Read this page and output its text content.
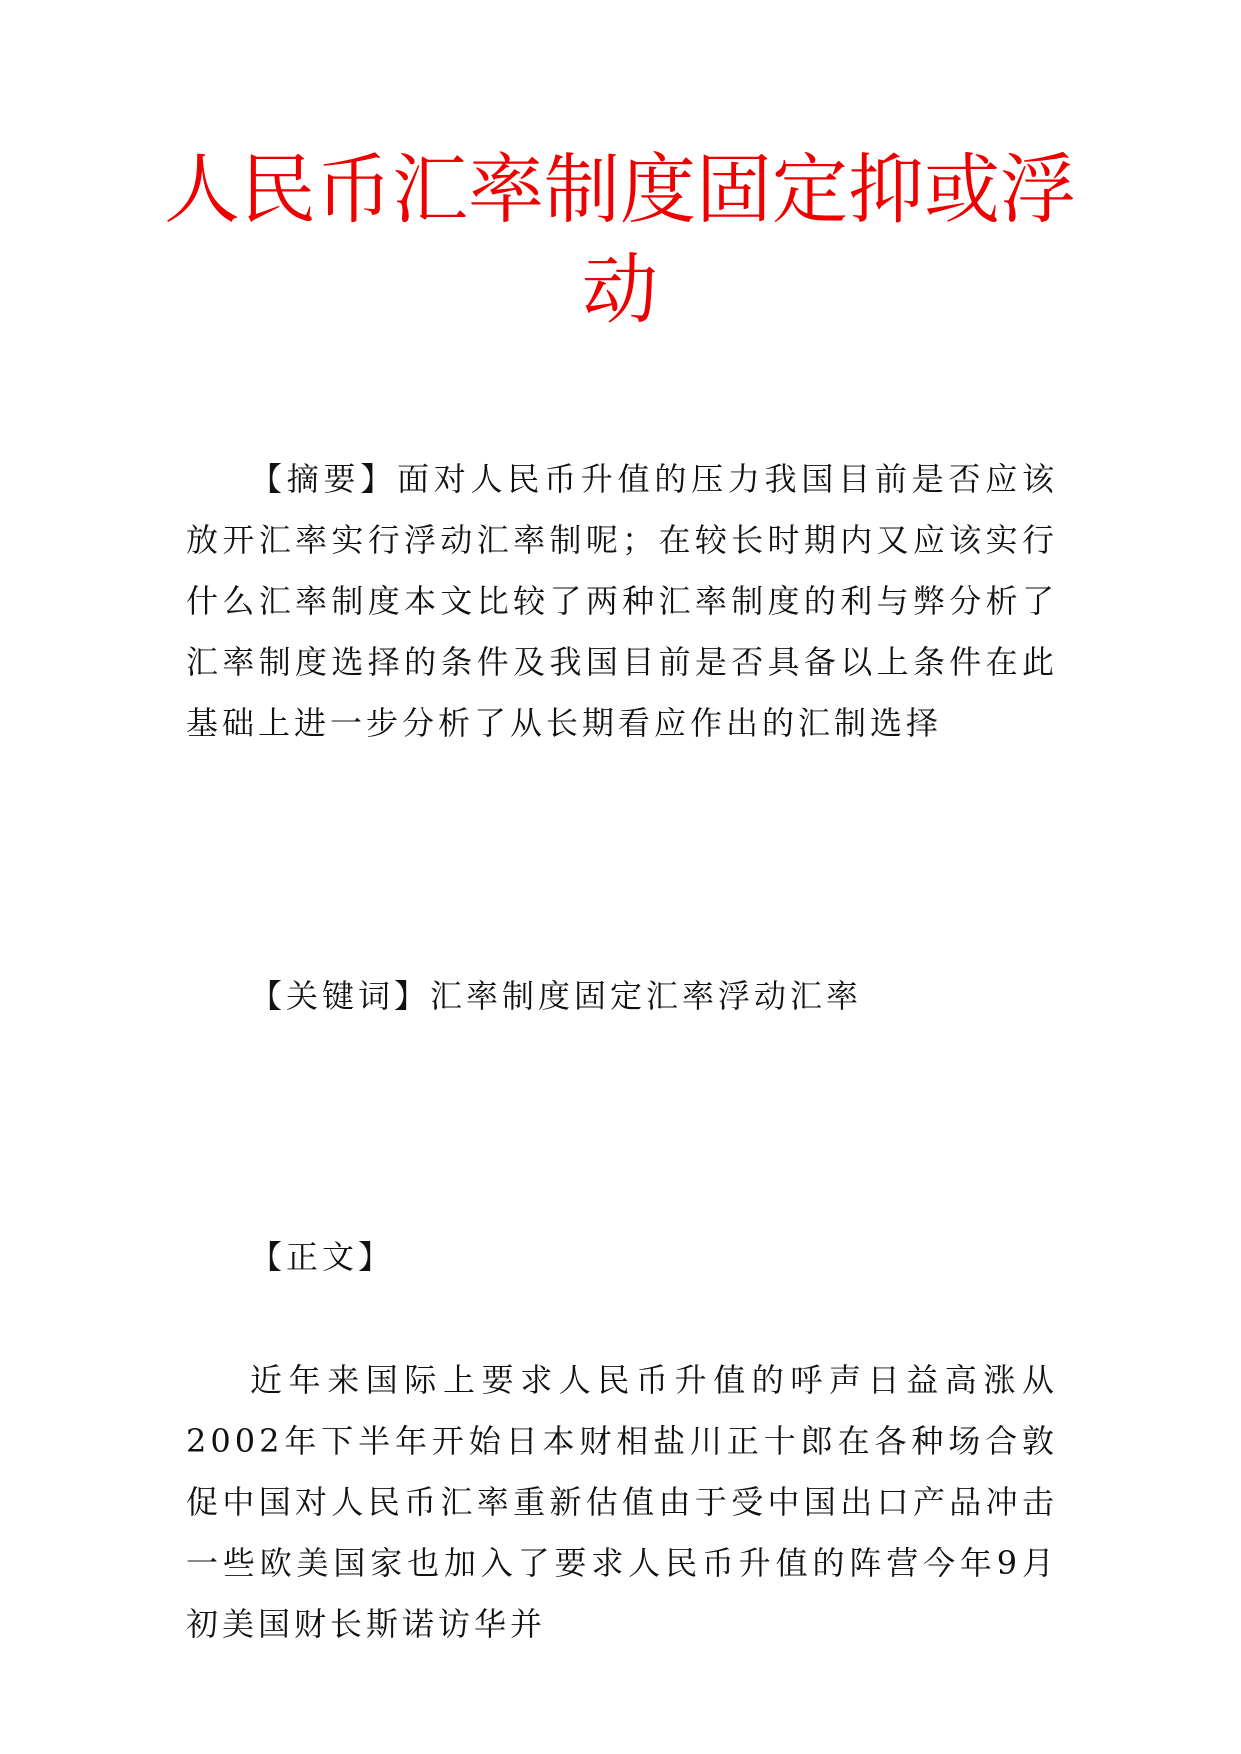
人民币汇率制度固定抑或浮动

【摘要】面对人民币升值的压力我国目前是否应该放开汇率实行浮动汇率制呢；在较长时期内又应该实行什么汇率制度本文比较了两种汇率制度的利与弊分析了汇率制度选择的条件及我国目前是否具备以上条件在此基础上进一步分析了从长期看应作出的汇制选择

【关键词】汇率制度固定汇率浮动汇率

【正文】

近年来国际上要求人民币升值的呼声日益高涨从2002年下半年开始日本财相盐川正十郎在各种场合敦促中国对人民币汇率重新估值由于受中国出口产品冲击一些欧美国家也加入了要求人民币升值的阵营今年9月初美国财长斯诺访华并
